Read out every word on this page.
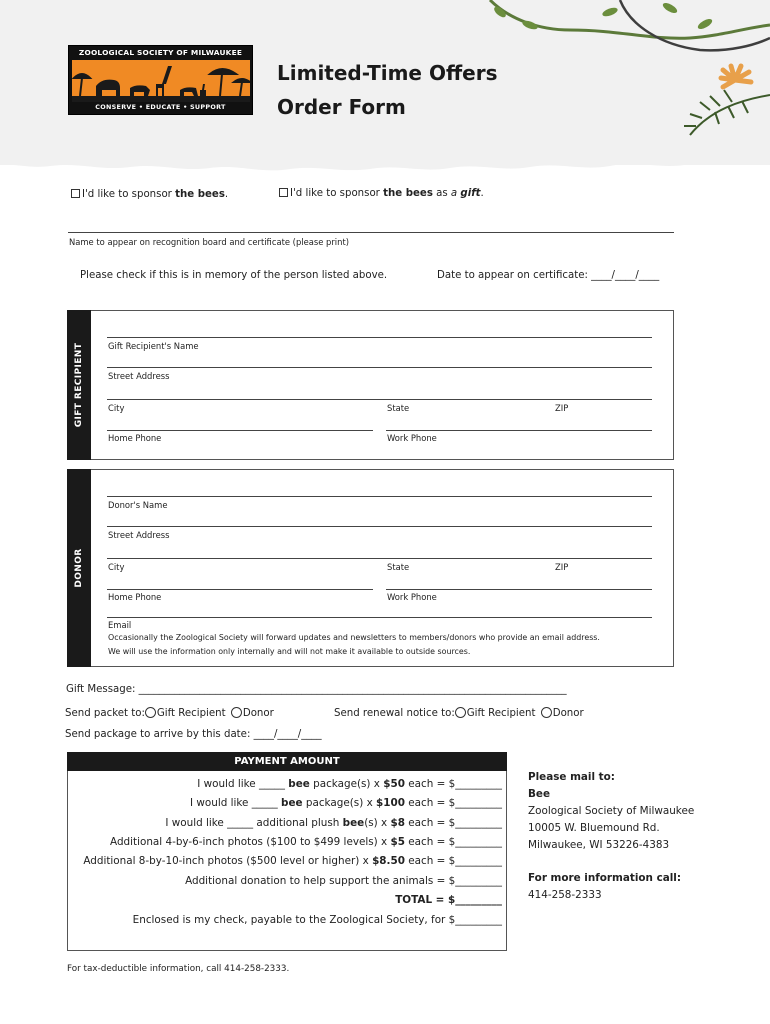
ZOOLOGICAL SOCIETY OF MILWAUKEE
CONSERVE • EDUCATE • SUPPORT
Limited-Time Offers
Order Form
I'd like to sponsor the bees.	I'd like to sponsor the bees as a gift.
Name to appear on recognition board and certificate (please print)
Please check if this is in memory of the person listed above.	Date to appear on certificate: ____/____/____
GIFT RECIPIENT	Gift Recipient's Name
Street Address
City	State	ZIP
Home Phone	Work Phone
DONOR
Donor's Name
Street Address
City	State	ZIP
Home Phone	Work Phone
Email
Occasionally the Zoological Society will forward updates and newsletters to members/donors who provide an email address.
We will use the information only internally and will not make it available to outside sources.
Gift Message: ____________________________________________________________________________________
Send packet to: Gift Recipient Donor	Send renewal notice to: Gift Recipient Donor
Send package to arrive by this date: ____/____/____
PAYMENT AMOUNT
I would like _____ bee package(s) x $50 each = $_________
I would like _____ bee package(s) x $100 each = $_________
I would like _____ additional plush bee(s) x $8 each = $_________
Additional 4-by-6-inch photos ($100 to $499 levels) x $5 each = $_________
Additional 8-by-10-inch photos ($500 level or higher) x $8.50 each = $_________
Additional donation to help support the animals = $_________
TOTAL = $_________
Enclosed is my check, payable to the Zoological Society, for $_________
Please mail to:
Bee
Zoological Society of Milwaukee
10005 W. Bluemound Rd.
Milwaukee, WI 53226-4383
For more information call:
414-258-2333
For tax-deductible information, call 414-258-2333.
